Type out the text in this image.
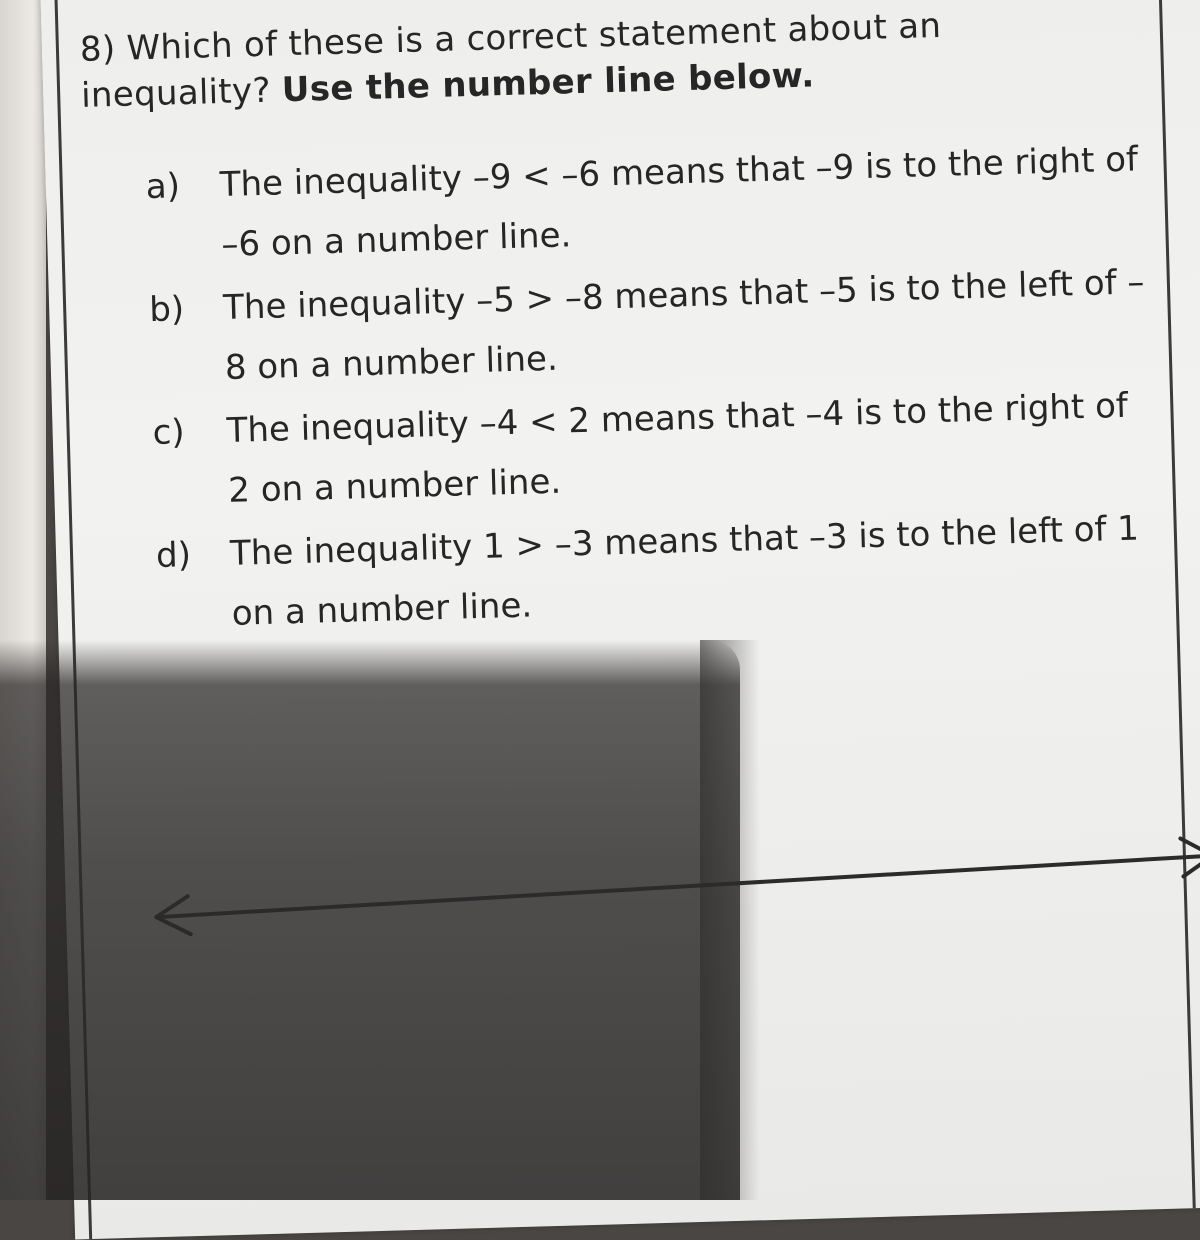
8) Which of these is a correct statement about an inequality? Use the number line below.
a) The inequality –9 < –6 means that –9 is to the right of –6 on a number line.
b) The inequality –5 > –8 means that –5 is to the left of –8 on a number line.
c) The inequality –4 < 2 means that –4 is to the right of 2 on a number line.
d) The inequality 1 > –3 means that –3 is to the left of 1 on a number line.
